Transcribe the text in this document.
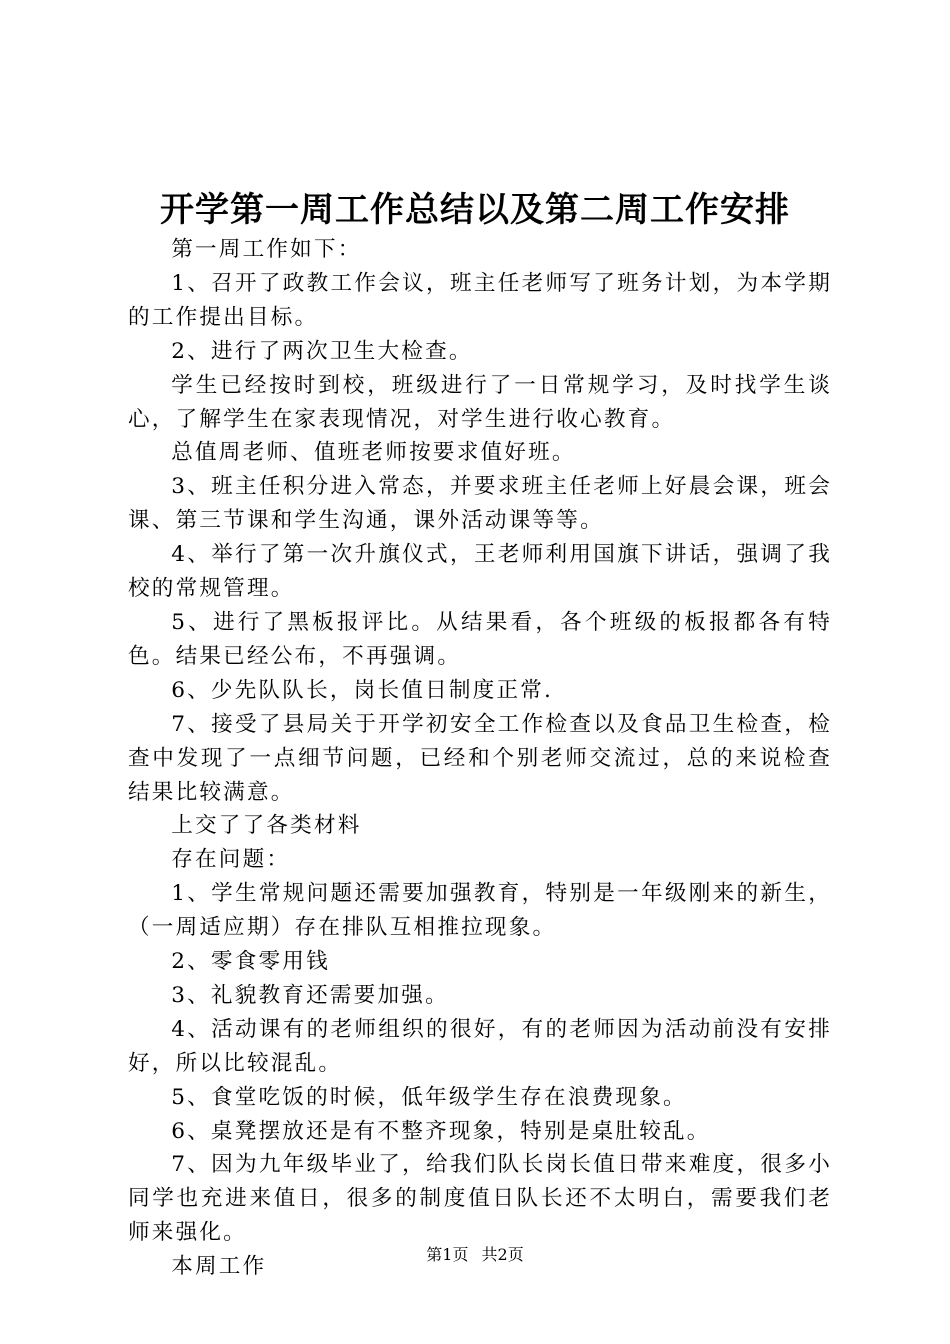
开学第一周工作总结以及第二周工作安排

第一周工作如下：

1、召开了政教工作会议，班主任老师写了班务计划，为本学期的工作提出目标。

2、进行了两次卫生大检查。

学生已经按时到校，班级进行了一日常规学习，及时找学生谈心，了解学生在家表现情况，对学生进行收心教育。

总值周老师、值班老师按要求值好班。

3、班主任积分进入常态，并要求班主任老师上好晨会课，班会课、第三节课和学生沟通，课外活动课等等。

4、举行了第一次升旗仪式，王老师利用国旗下讲话，强调了我校的常规管理。

5、进行了黑板报评比。从结果看，各个班级的板报都各有特色。结果已经公布，不再强调。

6、少先队队长，岗长值日制度正常.

7、接受了县局关于开学初安全工作检查以及食品卫生检查，检查中发现了一点细节问题，已经和个别老师交流过，总的来说检查结果比较满意。

上交了了各类材料

存在问题：

1、学生常规问题还需要加强教育，特别是一年级刚来的新生，（一周适应期）存在排队互相推拉现象。

2、零食零用钱

3、礼貌教育还需要加强。

4、活动课有的老师组织的很好，有的老师因为活动前没有安排好，所以比较混乱。

5、食堂吃饭的时候，低年级学生存在浪费现象。

6、桌凳摆放还是有不整齐现象，特别是桌肚较乱。

7、因为九年级毕业了，给我们队长岗长值日带来难度，很多小同学也充进来值日，很多的制度值日队长还不太明白，需要我们老师来强化。

本周工作	第1页 共2页
